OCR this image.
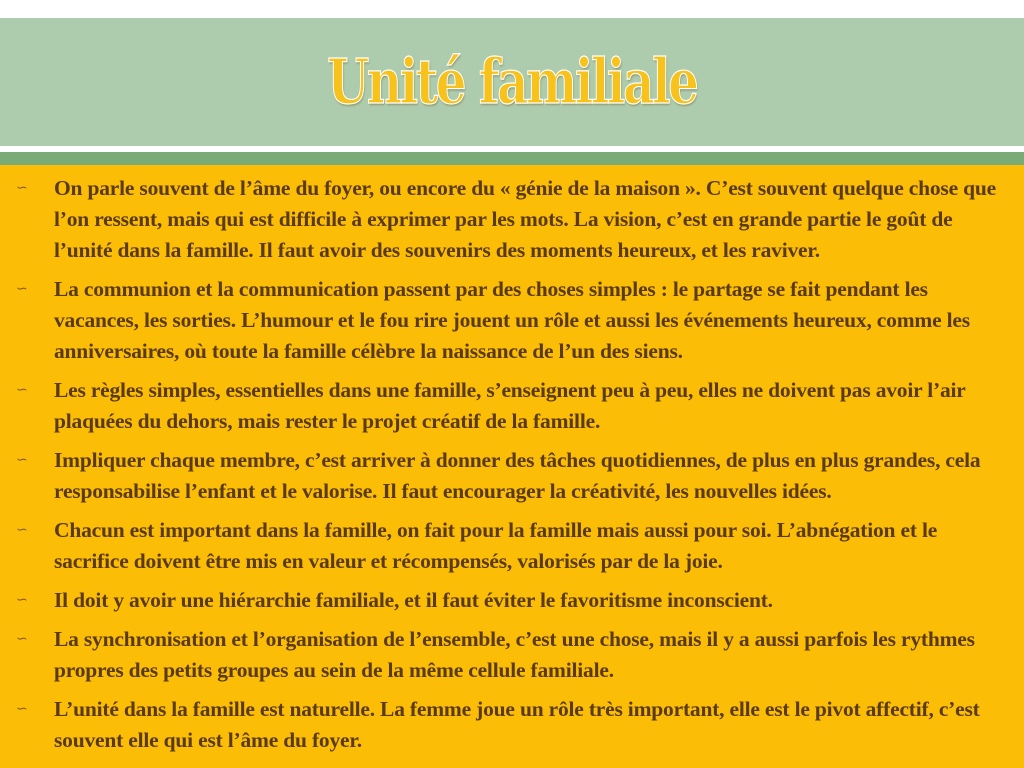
Unité familiale
∽	On parle souvent de l’âme du foyer, ou encore du « génie de la maison ». C’est souvent quelque chose que l’on ressent, mais qui est difficile à exprimer par les mots. La vision, c’est en grande partie le goût de l’unité dans la famille. Il faut avoir des souvenirs des moments heureux, et les raviver.
∽	La communion et la communication passent par des choses simples : le partage se fait pendant les vacances, les sorties. L’humour et le fou rire jouent un rôle et aussi les événements heureux, comme les anniversaires, où toute la famille célèbre la naissance de l’un des siens.
∽	Les règles simples, essentielles dans une famille, s’enseignent peu à peu, elles ne doivent pas avoir l’air plaquées du dehors, mais rester le projet créatif de la famille.
∽	Impliquer chaque membre, c’est arriver à donner des tâches quotidiennes, de plus en plus grandes, cela responsabilise l’enfant et le valorise. Il faut encourager la créativité, les nouvelles idées.
∽	Chacun est important dans la famille, on fait pour la famille mais aussi pour soi. L’abnégation et le sacrifice doivent être mis en valeur et récompensés, valorisés par de la joie.
∽	Il doit y avoir une hiérarchie familiale, et il faut éviter le favoritisme inconscient.
∽	La synchronisation et l’organisation de l’ensemble, c’est une chose, mais il y a aussi parfois les rythmes propres des petits groupes au sein de la même cellule familiale.
∽	L’unité dans la famille est naturelle. La femme joue un rôle très important, elle est le pivot affectif, c’est souvent elle qui est l’âme du foyer.
